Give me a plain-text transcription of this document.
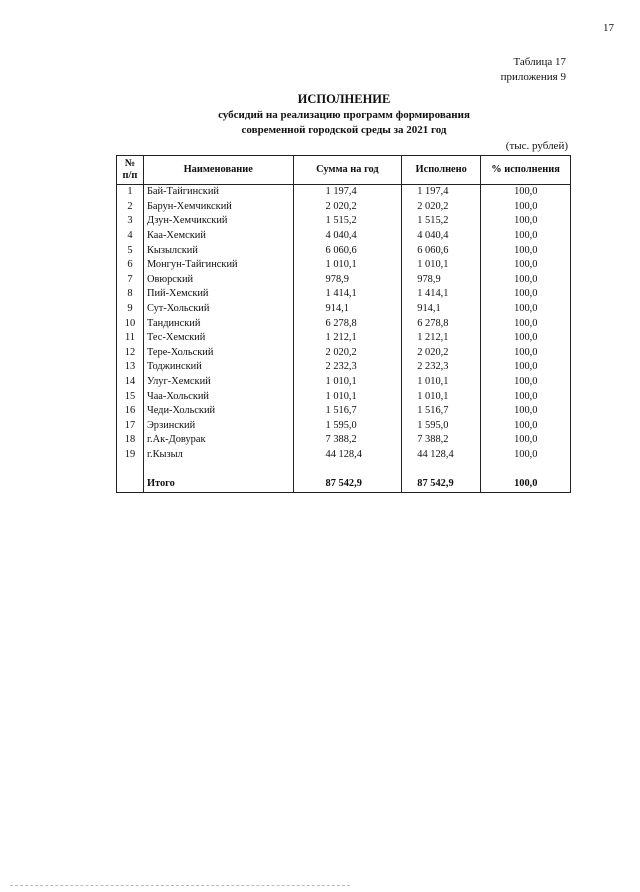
17
Таблица 17
приложения 9
ИСПОЛНЕНИЕ
субсидий на реализацию программ формирования
современной городской среды за 2021 год
(тыс. рублей)
№
п/п	Наименование	Сумма на год	Исполнено	% исполнения
1	Бай-Тайгинский	1 197,4	1 197,4	100,0
2	Барун-Хемчикский	2 020,2	2 020,2	100,0
3	Дзун-Хемчикский	1 515,2	1 515,2	100,0
4	Каа-Хемский	4 040,4	4 040,4	100,0
5	Кызылский	6 060,6	6 060,6	100,0
6	Монгун-Тайгинский	1 010,1	1 010,1	100,0
7	Овюрский	978,9	978,9	100,0
8	Пий-Хемский	1 414,1	1 414,1	100,0
9	Сут-Хольский	914,1	914,1	100,0
10	Тандинский	6 278,8	6 278,8	100,0
11	Тес-Хемский	1 212,1	1 212,1	100,0
12	Тере-Хольский	2 020,2	2 020,2	100,0
13	Тоджинский	2 232,3	2 232,3	100,0
14	Улуг-Хемский	1 010,1	1 010,1	100,0
15	Чаа-Хольский	1 010,1	1 010,1	100,0
16	Чеди-Хольский	1 516,7	1 516,7	100,0
17	Эрзинский	1 595,0	1 595,0	100,0
18	г.Ак-Довурак	7 388,2	7 388,2	100,0
19	г.Кызыл	44 128,4	44 128,4	100,0

	Итого	87 542,9	87 542,9	100,0
